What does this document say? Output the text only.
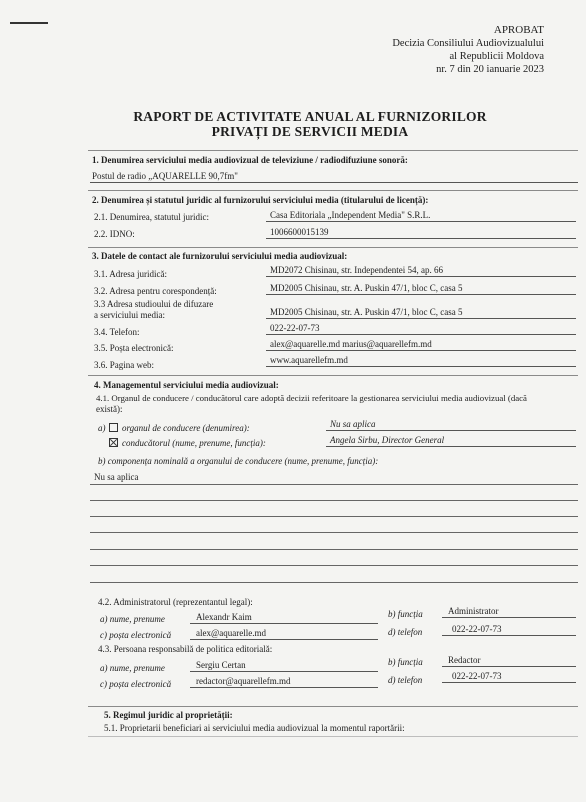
APROBAT
Decizia Consiliului Audiovizualului
al Republicii Moldova
nr. 7 din 20 ianuarie 2023
RAPORT DE ACTIVITATE ANUAL AL FURNIZORILOR
PRIVAȚI DE SERVICII MEDIA
1. Denumirea serviciului media audiovizual de televiziune / radiodifuziune sonoră:
Postul de radio „AQUARELLE 90,7fm"
2. Denumirea și statutul juridic al furnizorului serviciului media (titularului de licență):
2.1. Denumirea, statutul juridic:	Casa Editoriala „Independent Media" S.R.L.
2.2. IDNO:	1006600015139
3. Datele de contact ale furnizorului serviciului media audiovizual:
3.1. Adresa juridică:	MD2072 Chisinau, str. Independentei 54, ap. 66
3.2. Adresa pentru corespondență:	MD2005 Chisinau, str. A. Puskin 47/1, bloc C, casa 5
3.3 Adresa studioului de difuzare
a serviciului media:	MD2005 Chisinau, str. A. Puskin 47/1, bloc C, casa 5
3.4. Telefon:	022-22-07-73
3.5. Poșta electronică:	alex@aquarelle.md marius@aquarellefm.md
3.6. Pagina web:	www.aquarellefm.md
4. Managementul serviciului media audiovizual:
4.1. Organul de conducere / conducătorul care adoptă decizii referitoare la gestionarea serviciului media audiovizual (dacă
există):
a) organul de conducere (denumirea):	Nu sa aplica
conducătorul (nume, prenume, funcția):	Angela Sirbu, Director General
b) componența nominală a organului de conducere (nume, prenume, funcția):
Nu sa aplica
4.2. Administratorul (reprezentantul legal):
a) nume, prenume	Alexandr Kaim	b) funcția	Administrator
c) poșta electronică	alex@aquarelle.md	d) telefon	022-22-07-73
4.3. Persoana responsabilă de politica editorială:
a) nume, prenume	Sergiu Certan	b) funcția	Redactor
c) poșta electronică	redactor@aquarellefm.md	d) telefon	022-22-07-73
5. Regimul juridic al proprietății:
5.1. Proprietarii beneficiari ai serviciului media audiovizual la momentul raportării:
